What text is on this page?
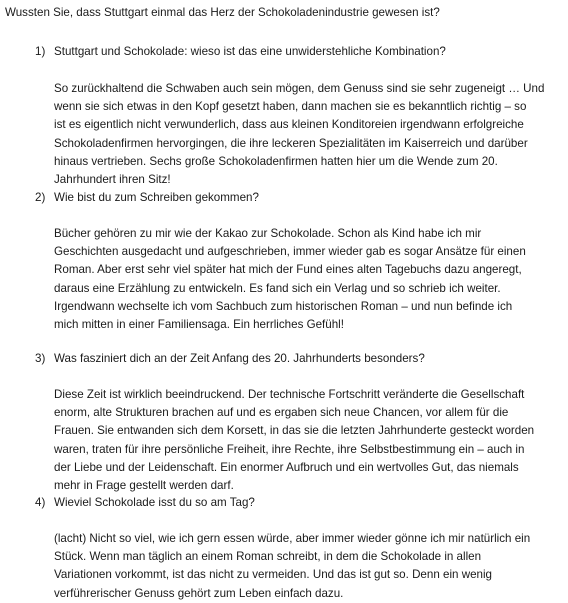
Wussten Sie, dass Stuttgart einmal das Herz der Schokoladenindustrie gewesen ist?
1) Stuttgart und Schokolade: wieso ist das eine unwiderstehliche Kombination?
So zurückhaltend die Schwaben auch sein mögen, dem Genuss sind sie sehr zugeneigt … Und
wenn sie sich etwas in den Kopf gesetzt haben, dann machen sie es bekanntlich richtig – so
ist es eigentlich nicht verwunderlich, dass aus kleinen Konditoreien irgendwann erfolgreiche
Schokoladenfirmen hervorgingen, die ihre leckeren Spezialitäten im Kaiserreich und darüber
hinaus vertrieben. Sechs große Schokoladenfirmen hatten hier um die Wende zum 20.
Jahrhundert ihren Sitz!
2) Wie bist du zum Schreiben gekommen?
Bücher gehören zu mir wie der Kakao zur Schokolade. Schon als Kind habe ich mir
Geschichten ausgedacht und aufgeschrieben, immer wieder gab es sogar Ansätze für einen
Roman. Aber erst sehr viel später hat mich der Fund eines alten Tagebuchs dazu angeregt,
daraus eine Erzählung zu entwickeln. Es fand sich ein Verlag und so schrieb ich weiter.
Irgendwann wechselte ich vom Sachbuch zum historischen Roman – und nun befinde ich
mich mitten in einer Familiensaga. Ein herrliches Gefühl!
3) Was fasziniert dich an der Zeit Anfang des 20. Jahrhunderts besonders?
Diese Zeit ist wirklich beeindruckend. Der technische Fortschritt veränderte die Gesellschaft
enorm, alte Strukturen brachen auf und es ergaben sich neue Chancen, vor allem für die
Frauen. Sie entwanden sich dem Korsett, in das sie die letzten Jahrhunderte gesteckt worden
waren, traten für ihre persönliche Freiheit, ihre Rechte, ihre Selbstbestimmung ein – auch in
der Liebe und der Leidenschaft. Ein enormer Aufbruch und ein wertvolles Gut, das niemals
mehr in Frage gestellt werden darf.
4) Wieviel Schokolade isst du so am Tag?
(lacht) Nicht so viel, wie ich gern essen würde, aber immer wieder gönne ich mir natürlich ein
Stück. Wenn man täglich an einem Roman schreibt, in dem die Schokolade in allen
Variationen vorkommt, ist das nicht zu vermeiden. Und das ist gut so. Denn ein wenig
verführerischer Genuss gehört zum Leben einfach dazu.
